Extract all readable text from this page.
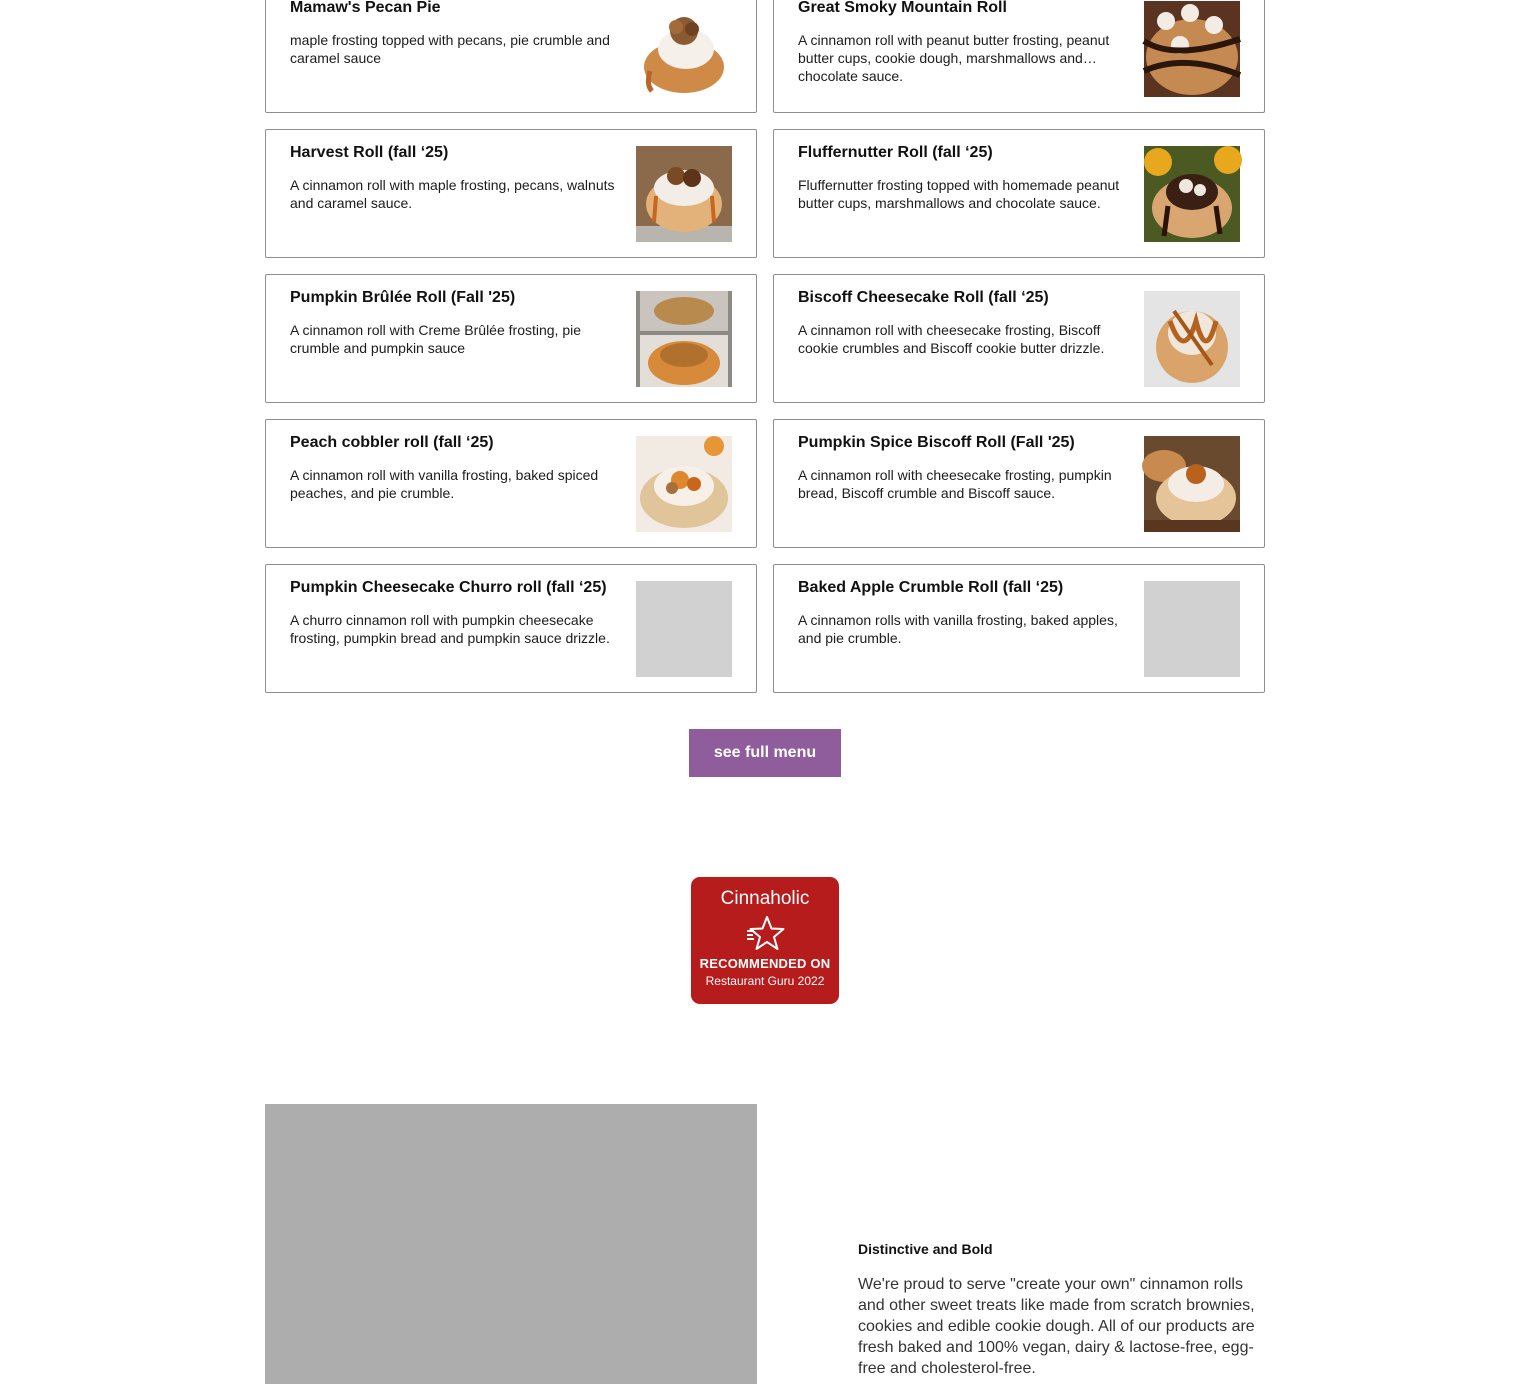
Mamaw's Pecan Pie
maple frosting topped with pecans, pie crumble and caramel sauce
Great Smoky Mountain Roll
A cinnamon roll with peanut butter frosting, peanut butter cups, cookie dough, marshmallows and chocolate sauce.
Harvest Roll (fall ‘25)
A cinnamon roll with maple frosting, pecans, walnuts and caramel sauce.
Fluffernutter Roll (fall ‘25)
Fluffernutter frosting topped with homemade peanut butter cups, marshmallows and chocolate sauce.
Pumpkin Brûlée Roll (Fall '25)
A cinnamon roll with Creme Brûlée frosting, pie crumble and pumpkin sauce
Biscoff Cheesecake Roll (fall ‘25)
A cinnamon roll with cheesecake frosting, Biscoff cookie crumbles and Biscoff cookie butter drizzle.
Peach cobbler roll (fall ‘25)
A cinnamon roll with vanilla frosting, baked spiced peaches, and pie crumble.
Pumpkin Spice Biscoff Roll (Fall '25)
A cinnamon roll with cheesecake frosting, pumpkin bread, Biscoff crumble and Biscoff sauce.
Pumpkin Cheesecake Churro roll (fall ‘25)
A churro cinnamon roll with pumpkin cheesecake frosting, pumpkin bread and pumpkin sauce drizzle.
Baked Apple Crumble Roll (fall ‘25)
A cinnamon rolls with vanilla frosting, baked apples, and pie crumble.
see full menu
Cinnaholic
RECOMMENDED ON
Restaurant Guru 2022
Distinctive and Bold
We're proud to serve "create your own" cinnamon rolls and other sweet treats like made from scratch brownies, cookies and edible cookie dough. All of our products are fresh baked and 100% vegan, dairy & lactose-free, egg-free and cholesterol-free.
